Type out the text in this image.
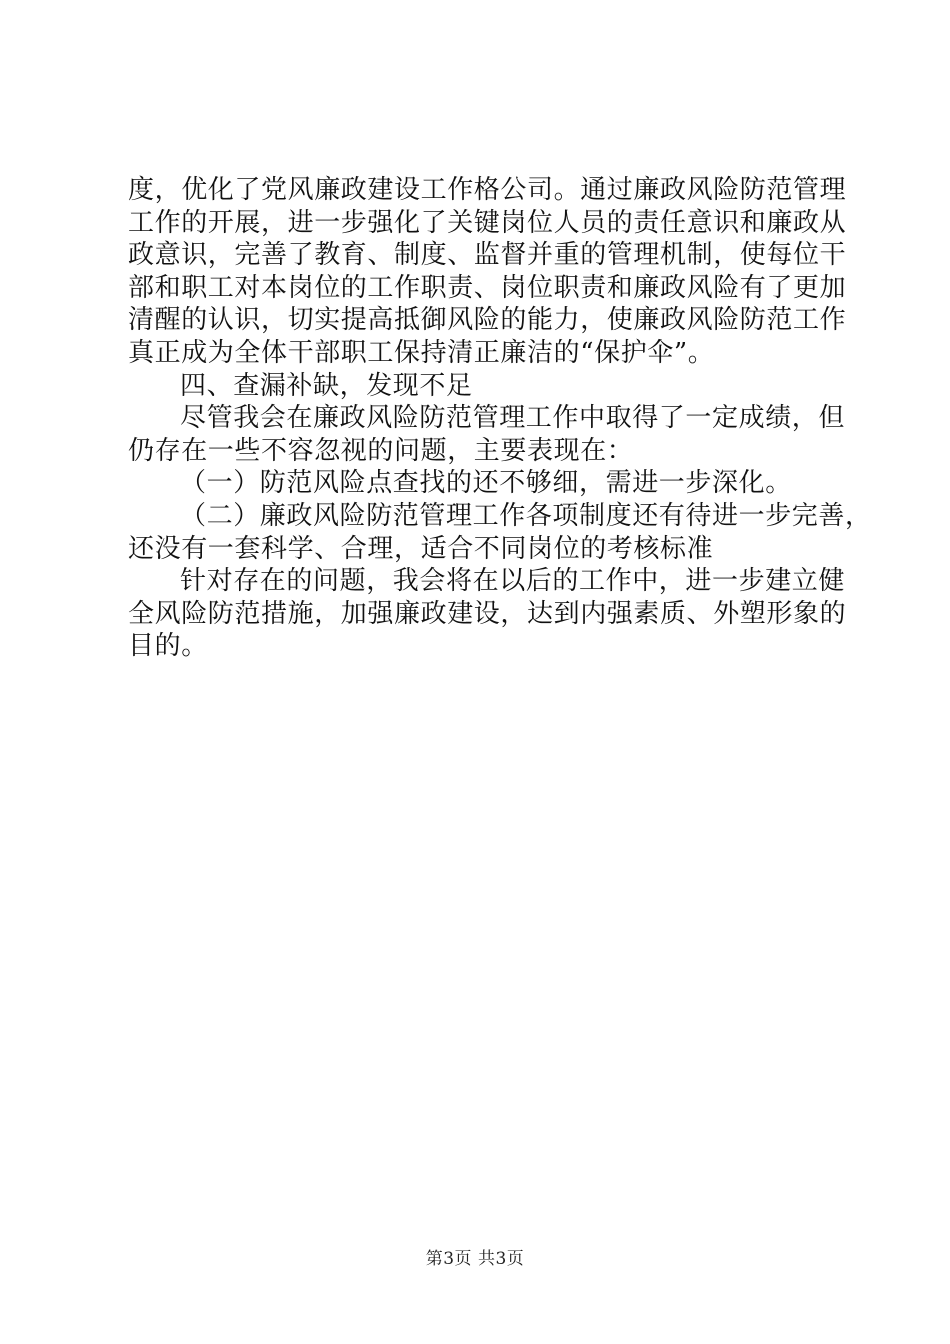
度，优化了党风廉政建设工作格公司。通过廉政风险防范管理
工作的开展，进一步强化了关键岗位人员的责任意识和廉政从
政意识，完善了教育、制度、监督并重的管理机制，使每位干
部和职工对本岗位的工作职责、岗位职责和廉政风险有了更加
清醒的认识，切实提高抵御风险的能力，使廉政风险防范工作
真正成为全体干部职工保持清正廉洁的“保护伞”。
四、查漏补缺，发现不足
尽管我会在廉政风险防范管理工作中取得了一定成绩，但
仍存在一些不容忽视的问题，主要表现在：
（一）防范风险点查找的还不够细，需进一步深化。
（二）廉政风险防范管理工作各项制度还有待进一步完善，
还没有一套科学、合理，适合不同岗位的考核标准
针对存在的问题，我会将在以后的工作中，进一步建立健
全风险防范措施，加强廉政建设，达到内强素质、外塑形象的
目的。
第3页 共3页
